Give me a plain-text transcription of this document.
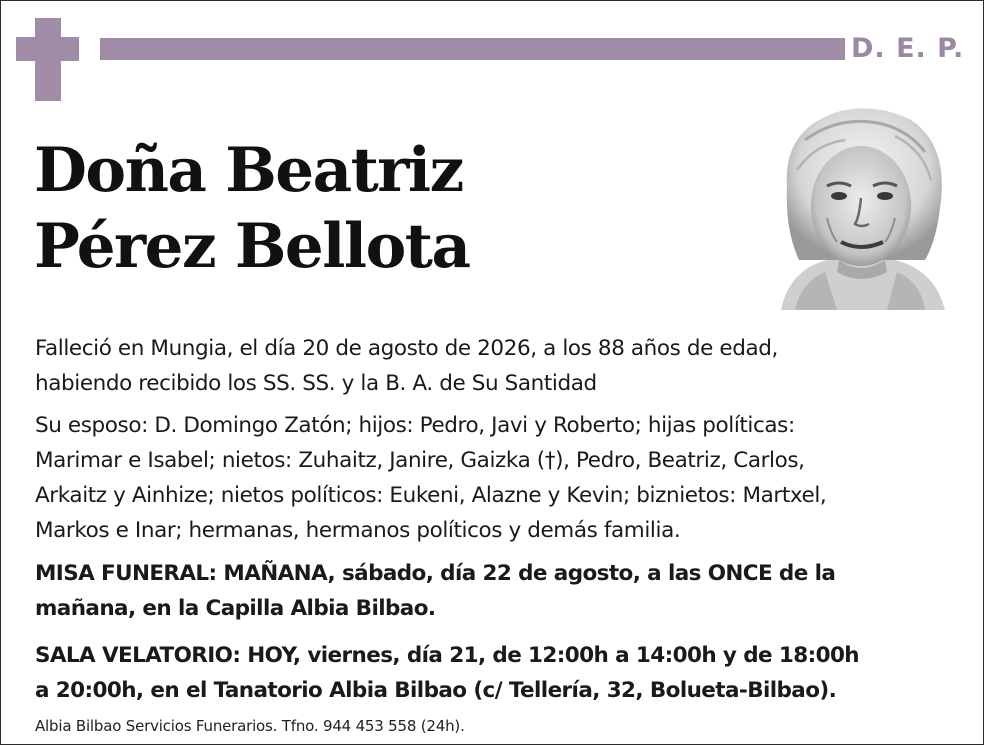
D. E. P.
Doña Beatriz
Pérez Bellota
Falleció en Mungia, el día 20 de agosto de 2026, a los 88 años de edad,
habiendo recibido los SS. SS. y la B. A. de Su Santidad
Su esposo: D. Domingo Zatón; hijos: Pedro, Javi y Roberto; hijas políticas:
Marimar e Isabel; nietos: Zuhaitz, Janire, Gaizka (†), Pedro, Beatriz, Carlos,
Arkaitz y Ainhize; nietos políticos: Eukeni, Alazne y Kevin; biznietos: Martxel,
Markos e Inar; hermanas, hermanos políticos y demás familia.
MISA FUNERAL: MAÑANA, sábado, día 22 de agosto, a las ONCE de la
mañana, en la Capilla Albia Bilbao.
SALA VELATORIO: HOY, viernes, día 21, de 12:00h a 14:00h y de 18:00h
a 20:00h, en el Tanatorio Albia Bilbao (c/ Tellería, 32, Bolueta-Bilbao).
Albia Bilbao Servicios Funerarios. Tfno. 944 453 558 (24h).
